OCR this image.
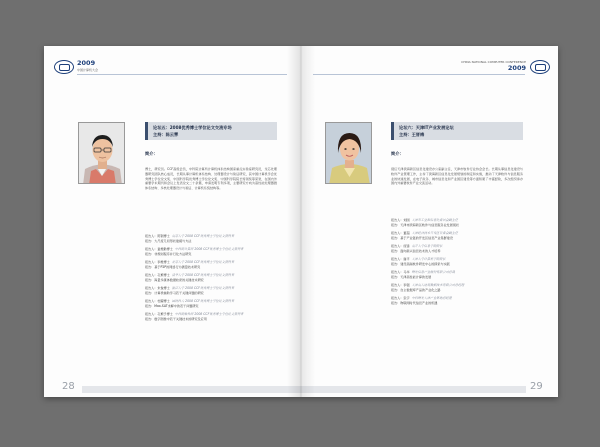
2009
中国计算机大会
论坛五：2008优秀博士学位论文交流专场
主持：陈云霁
简介：
博士，研究员。CCF高级会员，中科院计算所计算机体系结构国家重点实验室研究员，龙芯处理器研究团队核心成员，长期从事计算机体系结构、处理器设计与验证研究，获中国计算机学会优秀博士学位论文奖、中国科学院优秀博士学位论文奖、中国科学院院长特别奖等荣誉，在国内外重要学术期刊和会议上发表论文二十余篇，申请发明专利多项，主要研究方向为高性能处理器微体系结构、多核处理器设计与验证、计算机系统结构等。
报告人：陈钢博士 南京大学 2008 CCF优秀博士学位论文获得者
报告：大尺度几何形状建模与方法
报告人：童维勤博士 中科院计算所 2008 CCF优秀博士学位论文获得者
报告：非规则程序并行化方法研究
报告人：李维博士 北京大学 2008 CCF优秀博士学位论文获得者
报告：基于P2P的网络行为测量技术研究
报告人：孔繁博士 清华大学 2008 CCF优秀博士学位论文获得者
报告：海量多媒体数据检索的关键技术研究
报告人：朱俊博士 浙江大学 2008 CCF优秀博士学位论文获得者
报告：计算机辅助学习若干关键问题的研究
报告人：杜曜博士 国防科大 2008 CCF优秀博士学位论文获得者
报告：Max-SAT求解中的若干问题研究
报告人：孔繁予博士 中科院软件所 2008 CCF优秀博士学位论文获得者
报告：数字图像中若干关键技术的研究及应用
28
CHINA NATIONAL COMPUTER CONFERENCE
2009
论坛六：天津IT产业发展论坛
主持：王晋梅
简介：
现任天津滨海新区信息化建设办公室副主任，天津市软件行业协会会长。长期从事信息化建设与软件产业管理工作，主持了滨海新区信息化发展规划的制定和实施，推动了天津软件与信息服务业的快速发展，在电子政务、城市信息化和产业园区建设等方面积累了丰富经验，多次组织承办国内外重要软件产业交流活动。
报告人：刘国 天津市工业和信息化委员会副主任
报告：天津市滨海新区软件与信息服务业发展现状
报告人：董超 天津经济技术开发区管委会副主任
报告：基于产业链的开发区信息产业集群建设
报告人：庞锋 南开大学信息学院院长
报告：面向新兴信息技术的人才培养
报告人：谢平 天津大学计算机学院院长
报告：建设高端软件研发中心的探索与实践
报告人：马华 曙光信息产业股份有限公司总裁
报告：天津高性能计算的发展
报告人：李强 天津南大通用数据技术有限公司总经理
报告：自主数据库产品的产业化之路
报告人：张宇 中科曙光天津产业基地总经理
报告：物联网时代信息产业的机遇
29
